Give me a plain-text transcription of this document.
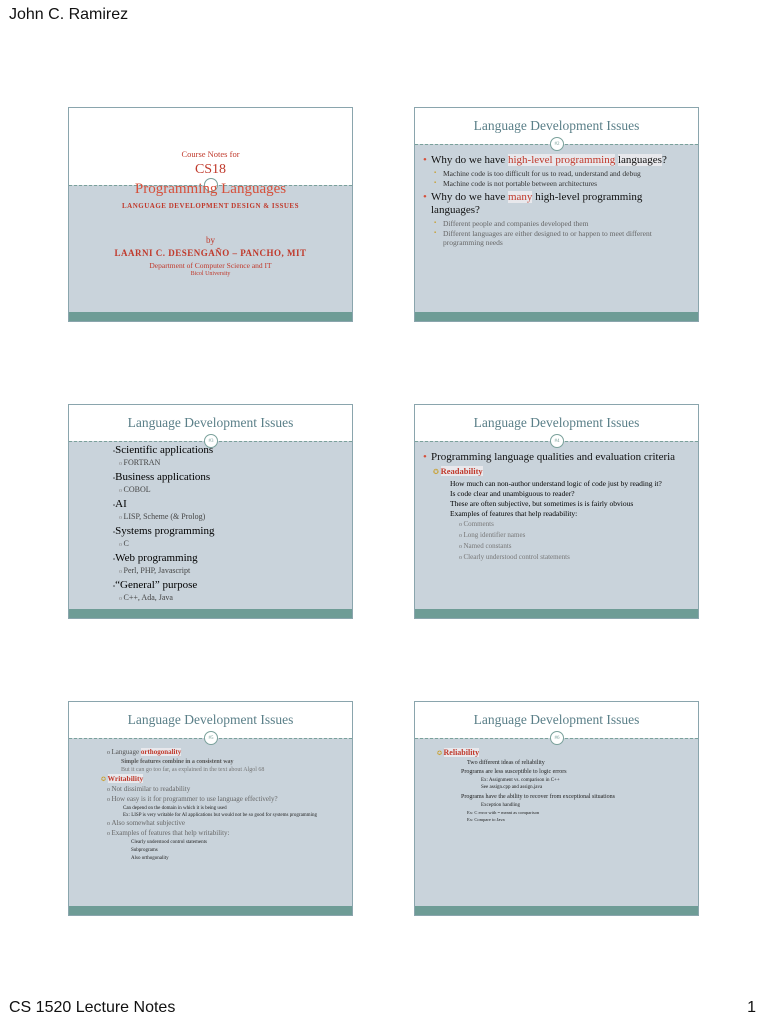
John C. Ramirez
Course Notes for
CS18
Programming Languages
LANGUAGE DEVELOPMENT DESIGN & ISSUES
by
LAARNI C. DESENGAÑO – PANCHO, MIT
Department of Computer Science and IT
Bicol University
Language Development Issues
#2
• Why do we have high-level programming languages?
▪ Machine code is too difficult for us to read, understand and debug
▪ Machine code is not portable between architectures
• Why do we have many high-level programming
languages?
▪ Different people and companies developed them
▪ Different languages are either designed to or happen to meet different programming needs
Language Development Issues
#3
▫Scientific applications
o FORTRAN
▫Business applications
o COBOL
▫AI
o LISP, Scheme (& Prolog)
▫Systems programming
o C
▫Web programming
o Perl, PHP, Javascript
▫“General” purpose
o C++, Ada, Java
Language Development Issues
#4
• Programming language qualities and evaluation criteria
✪ Readability
How much can non-author understand logic of code just by reading it?
Is code clear and unambiguous to reader?
These are often subjective, but sometimes is is fairly obvious
Examples of features that help readability:
o Comments
o Long identifier names
o Named constants
o Clearly understood control statements
Language Development Issues
#5
o Language orthogonality
Simple features combine in a consistent way
But it can go too far, as explained in the text about Algol 68
✪ Writability
o Not dissimilar to readability
o How easy is it for programmer to use language effectively?
Can depend on the domain in which it is being used
Ex: LISP is very writable for AI applications but would not be so good for systems programming
o Also somewhat subjective
o Examples of features that help writability:
Clearly understood control statements
Subprograms
Also orthogonality
Language Development Issues
#6
✪ Reliability
Two different ideas of reliability
Programs are less susceptible to logic errors
Ex: Assignment vs. comparison in C++
See assign.cpp and assign.java
Programs have the ability to recover from exceptional situations
Exception handling
Ex: C error with = meant as comparison
Ex: Compare to Java
CS 1520 Lecture Notes	1
